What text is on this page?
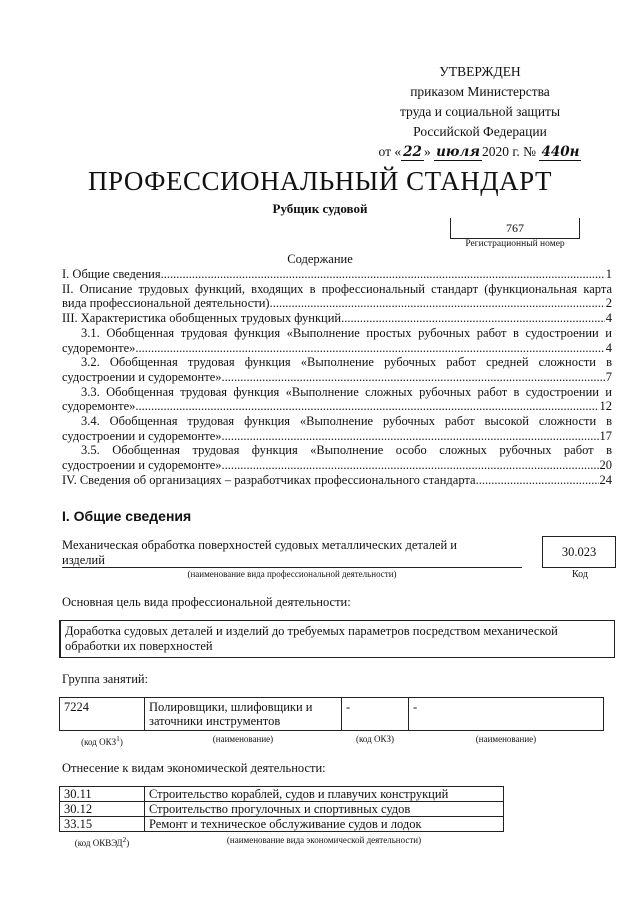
УТВЕРЖДЕН
приказом Министерства
труда и социальной защиты
Российской Федерации
от « 22 » июля 2020 г. № 440н
ПРОФЕССИОНАЛЬНЫЙ СТАНДАРТ
Рубщик судовой
767
Регистрационный номер
Содержание
I. Общие сведения .....	1
II. Описание трудовых функций, входящих в профессиональный стандарт (функциональная карта
вида профессиональной деятельности) .....	2
III. Характеристика обобщенных трудовых функций .....	4
3.1. Обобщенная трудовая функция «Выполнение простых рубочных работ в судостроении и
судоремонте» .....	4
3.2. Обобщенная трудовая функция «Выполнение рубочных работ средней сложности в
судостроении и судоремонте» .....	7
3.3. Обобщенная трудовая функция «Выполнение сложных рубочных работ в судостроении и
судоремонте» .....	12
3.4. Обобщенная трудовая функция «Выполнение рубочных работ высокой сложности в
судостроении и судоремонте» .....	17
3.5. Обобщенная трудовая функция «Выполнение особо сложных рубочных работ в
судостроении и судоремонте» .....	20
IV. Сведения об организациях – разработчиках профессионального стандарта .....	24
I. Общие сведения
Механическая обработка поверхностей судовых металлических деталей и
изделий
(наименование вида профессиональной деятельности)
30.023
Код
Основная цель вида профессиональной деятельности:
Доработка судовых деталей и изделий до требуемых параметров посредством механической
обработки их поверхностей
Группа занятий:
7224	Полировщики, шлифовщики и
заточники инструментов	-	-
(код ОКЗ$^1$)	(наименование)	(код ОКЗ)	(наименование)
Отнесение к видам экономической деятельности:
30.11	Строительство кораблей, судов и плавучих конструкций
30.12	Строительство прогулочных и спортивных судов
33.15	Ремонт и техническое обслуживание судов и лодок
(код ОКВЭД$^2$)	(наименование вида экономической деятельности)
